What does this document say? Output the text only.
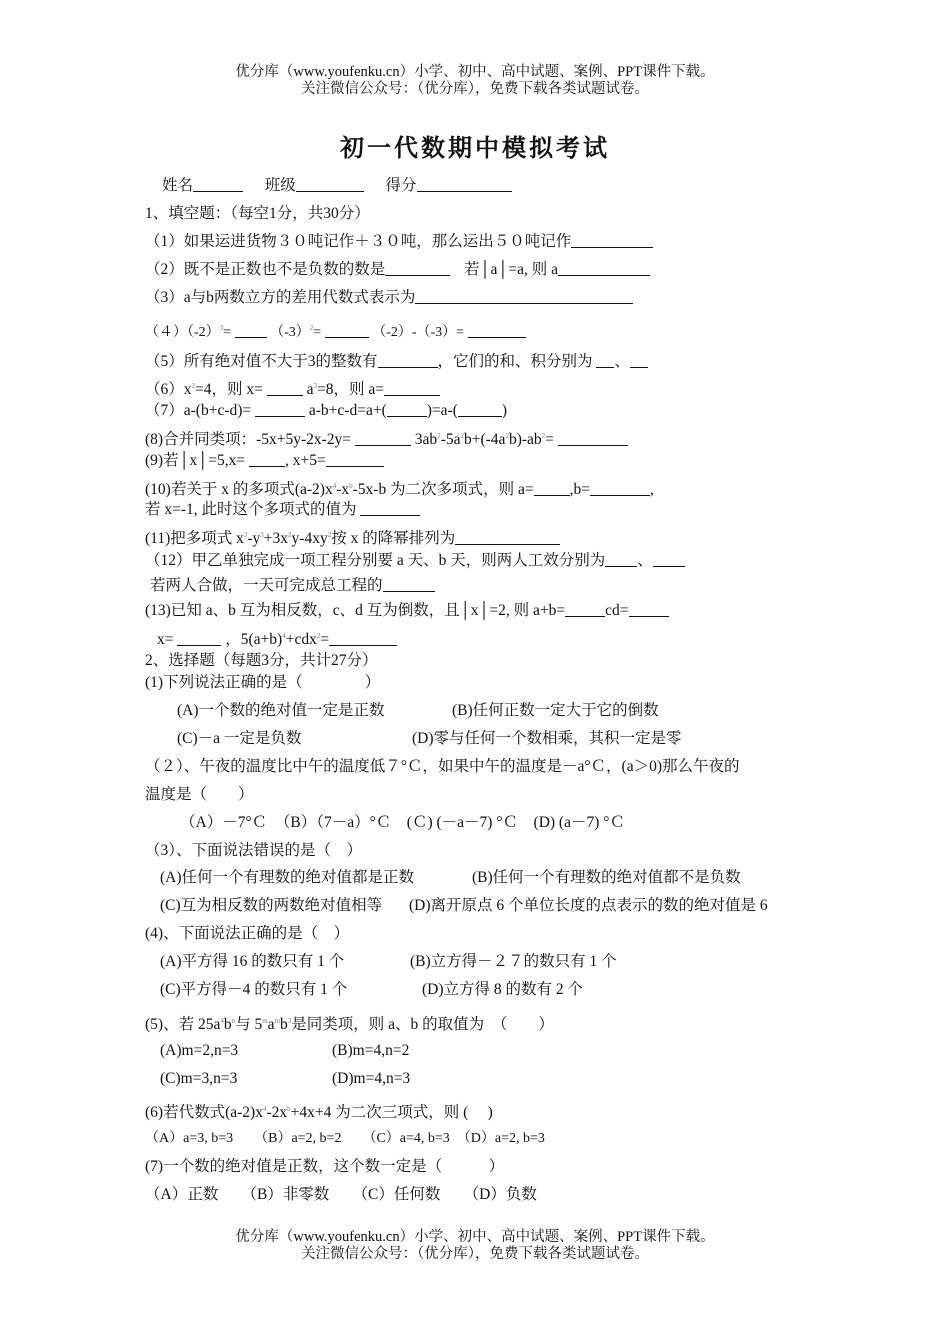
优分库（www.youfenku.cn）小学、初中、高中试题、案例、PPT课件下载。
关注微信公众号：（优分库），免费下载各类试题试卷。
初一代数期中模拟考试
姓名	班级	得分
1、填空题：（每空1分，共30分）
（1）如果运进货物３０吨记作＋３０吨，那么运出５０吨记作
（2）既不是正数也不是负数的数是	若│a│=a, 则 a
（3）a与b两数立方的差用代数式表示为
$(4)(-2)^3=$	$(-3)^2=$	（-2）-（-3）=
（5）所有绝对值不大于3的整数有	，它们的和、积分别为 、
$(6)x^2=4$，则 x=	$a^3=8$，则 a=
（7）a-(b+c-d)=	a-b+c-d=a+(	)=a-(	)
(8)合并同类项：-5x+5y-2x-2y=	$3ab^2-5a^2b+(-4a^2b)-ab^2=$
(9)若│x│=5,x=	, x+5=
(10)若关于 x 的多项式$(a-2)x^4-x^b-5x-b$ 为二次多项式，则 a= ,b=	,
若 x=-1, 此时这个多项式的值为
(11)把多项式 $x^3-y^3+3x^2y-4xy^2$按 x 的降幂排列为
（12）甲乙单独完成一项工程分别要 a 天、b 天，则两人工效分别为 、
若两人合做，一天可完成总工程的
(13)已知 a、b 互为相反数，c、d 互为倒数，且│x│=2, 则 a+b=	cd=
x=	，$5(a+b)^4+cdx^2=$
2、选择题（每题3分，共计27分）
(1)下列说法正确的是（　　　　）
(A)一个数的绝对值一定是正数	(B)任何正数一定大于它的倒数
(C)－a 一定是负数	(D)零与任何一个数相乘，其积一定是零
（２）、午夜的温度比中午的温度低７°Ｃ，如果中午的温度是－a°Ｃ，(a＞0)那么午夜的
温度是（　　）
（A）－7°Ｃ　（B）（7－a）°Ｃ　(Ｃ) (－a－7) °Ｃ　(D) (a－7) °Ｃ
（3）、下面说法错误的是（　）
(A)任何一个有理数的绝对值都是正数	(B)任何一个有理数的绝对值都不是负数
(C)互为相反数的两数绝对值相等 (D)离开原点 6 个单位长度的点表示的数的绝对值是 6
(4)、下面说法正确的是（　）
(A)平方得 16 的数只有 1 个	(B)立方得－２７的数只有 1 个
(C)平方得－4 的数只有 1 个	(D)立方得 8 的数有 2 个
(5)、若 $25a^4b^n$与 $5^ma^mb^3$是同类项，则 a、b 的取值为　（　　）
(A)m=2,n=3	(B)m=4,n=2
(C)m=3,n=3	(D)m=4,n=3
(6)若代数式$(a-2)x^4-2x^b+4x+4$ 为二次三项式，则 (　 )
（A）a=3, b=3　　（B）a=2, b=2　　（C）a=4, b=3　（D）a=2, b=3
(7)一个数的绝对值是正数，这个数一定是（　　　）
（A）正数　　（B）非零数　　（C）任何数　　（D）负数
优分库（www.youfenku.cn）小学、初中、高中试题、案例、PPT课件下载。
关注微信公众号：（优分库），免费下载各类试题试卷。
